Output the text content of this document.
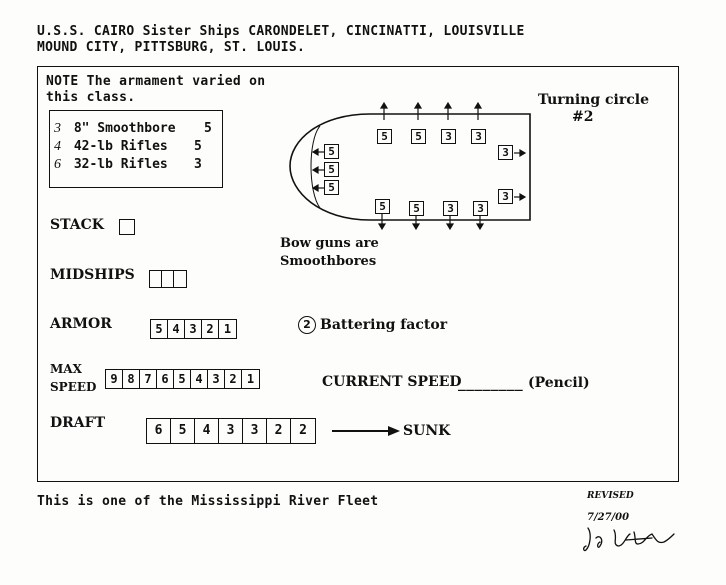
U.S.S. CAIRO Sister Ships CARONDELET, CINCINATTI, LOUISVILLE
MOUND CITY, PITTSBURG, ST. LOUIS.
NOTE The armament varied on
this class.
3 8" Smoothbore 5
4 42-lb Rifles 5
6 32-lb Rifles 3
Turning circle
#2
5	5	3	3
5	5	3	3
5
5
5
3
3
Bow guns are
Smoothbores
STACK
MIDSHIPS
ARMOR	5 4 3 2 1	2 Battering factor
MAX
SPEED
9 8 7 6 5 4 3 2 1	CURRENT SPEED
________ (Pencil)
DRAFT	6	5	4	3	3	2	2	SUNK
This is one of the Mississippi River Fleet	REVISED
7/27/00
